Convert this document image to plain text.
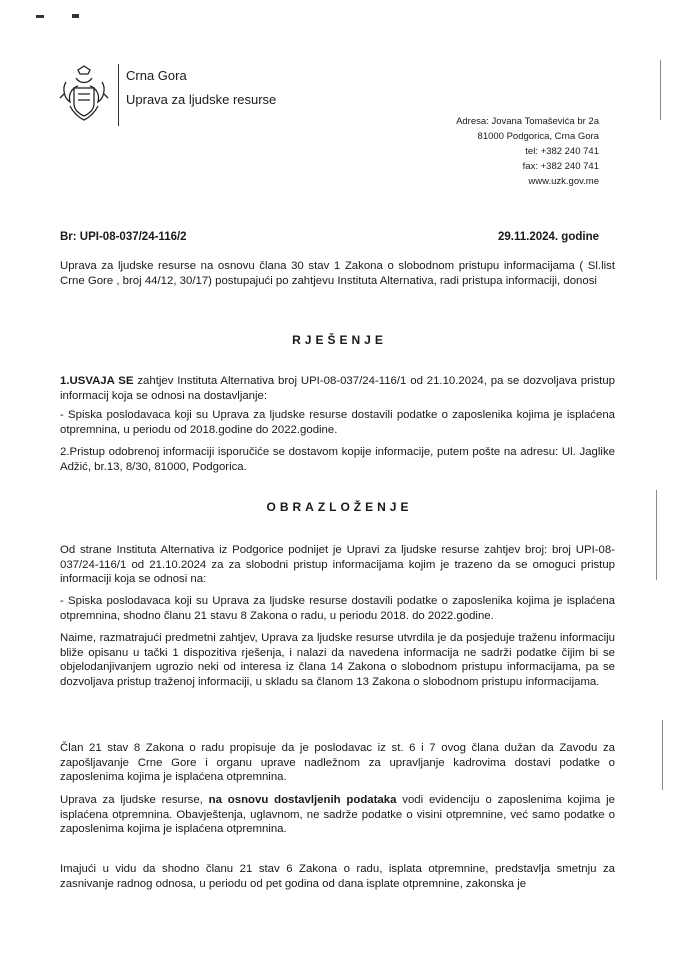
Crna Gora
Uprava za ljudske resurse
Adresa: Jovana Tomaševića br 2a
81000 Podgorica, Crna Gora
tel: +382 240 741
fax: +382 240 741
www.uzk.gov.me
Br: UPI-08-037/24-116/2	29.11.2024. godine
Uprava za ljudske resurse na osnovu člana 30 stav 1 Zakona o slobodnom pristupu informacijama ( Sl.list Crne Gore , broj 44/12, 30/17) postupajući po zahtjevu Instituta Alternativa, radi pristupa informaciji, donosi
RJEŠENJE
1.USVAJA SE zahtjev Instituta Alternativa broj UPI-08-037/24-116/1 od 21.10.2024, pa se dozvoljava pristup informacij koja se odnosi na dostavljanje:
- Spiska poslodavaca koji su Uprava za ljudske resurse dostavili podatke o zaposlenika kojima je isplaćena otpremnina, u periodu od 2018.godine do 2022.godine.
2.Pristup odobrenoj informaciji isporučiće se dostavom kopije informacije, putem pošte na adresu: Ul. Jaglike Adžić, br.13, 8/30, 81000, Podgorica.
OBRAZLOŽENJE
Od strane Instituta Alternativa iz Podgorice podnijet je Upravi za ljudske resurse zahtjev broj: broj UPI-08-037/24-116/1 od 21.10.2024 za za slobodni pristup informacijama kojim je trazeno da se omoguci pristup informaciji koja se odnosi na:
- Spiska poslodavaca koji su Uprava za ljudske resurse dostavili podatke o zaposlenika kojima je isplaćena otpremnina, shodno članu 21 stavu 8 Zakona o radu, u periodu 2018. do 2022.godine.
Naime, razmatrajući predmetni zahtjev, Uprava za ljudske resurse utvrdila je da posjeduje traženu informaciju bliže opisanu u tački 1 dispozitiva rješenja, i nalazi da navedena informacija ne sadrži podatke čijim bi se objelodanjivanjem ugrozio neki od interesa iz člana 14 Zakona o slobodnom pristupu informacijama, pa se dozvoljava pristup traženoj informaciji, u skladu sa članom 13 Zakona o slobodnom pristupu informacijama.
Član 21 stav 8 Zakona o radu propisuje da je poslodavac iz st. 6 i 7 ovog člana dužan da Zavodu za zapošljavanje Crne Gore i organu uprave nadležnom za upravljanje kadrovima dostavi podatke o zaposlenima kojima je isplaćena otpremnina.
Uprava za ljudske resurse, na osnovu dostavljenih podataka vodi evidenciju o zaposlenima kojima je isplaćena otpremnina. Obavještenja, uglavnom, ne sadrže podatke o visini otpremnine, već samo podatke o zaposlenima kojima je isplaćena otpremnina.
Imajući u vidu da shodno članu 21 stav 6 Zakona o radu, isplata otpremnine, predstavlja smetnju za zasnivanje radnog odnosa, u periodu od pet godina od dana isplate otpremnine, zakonska je
